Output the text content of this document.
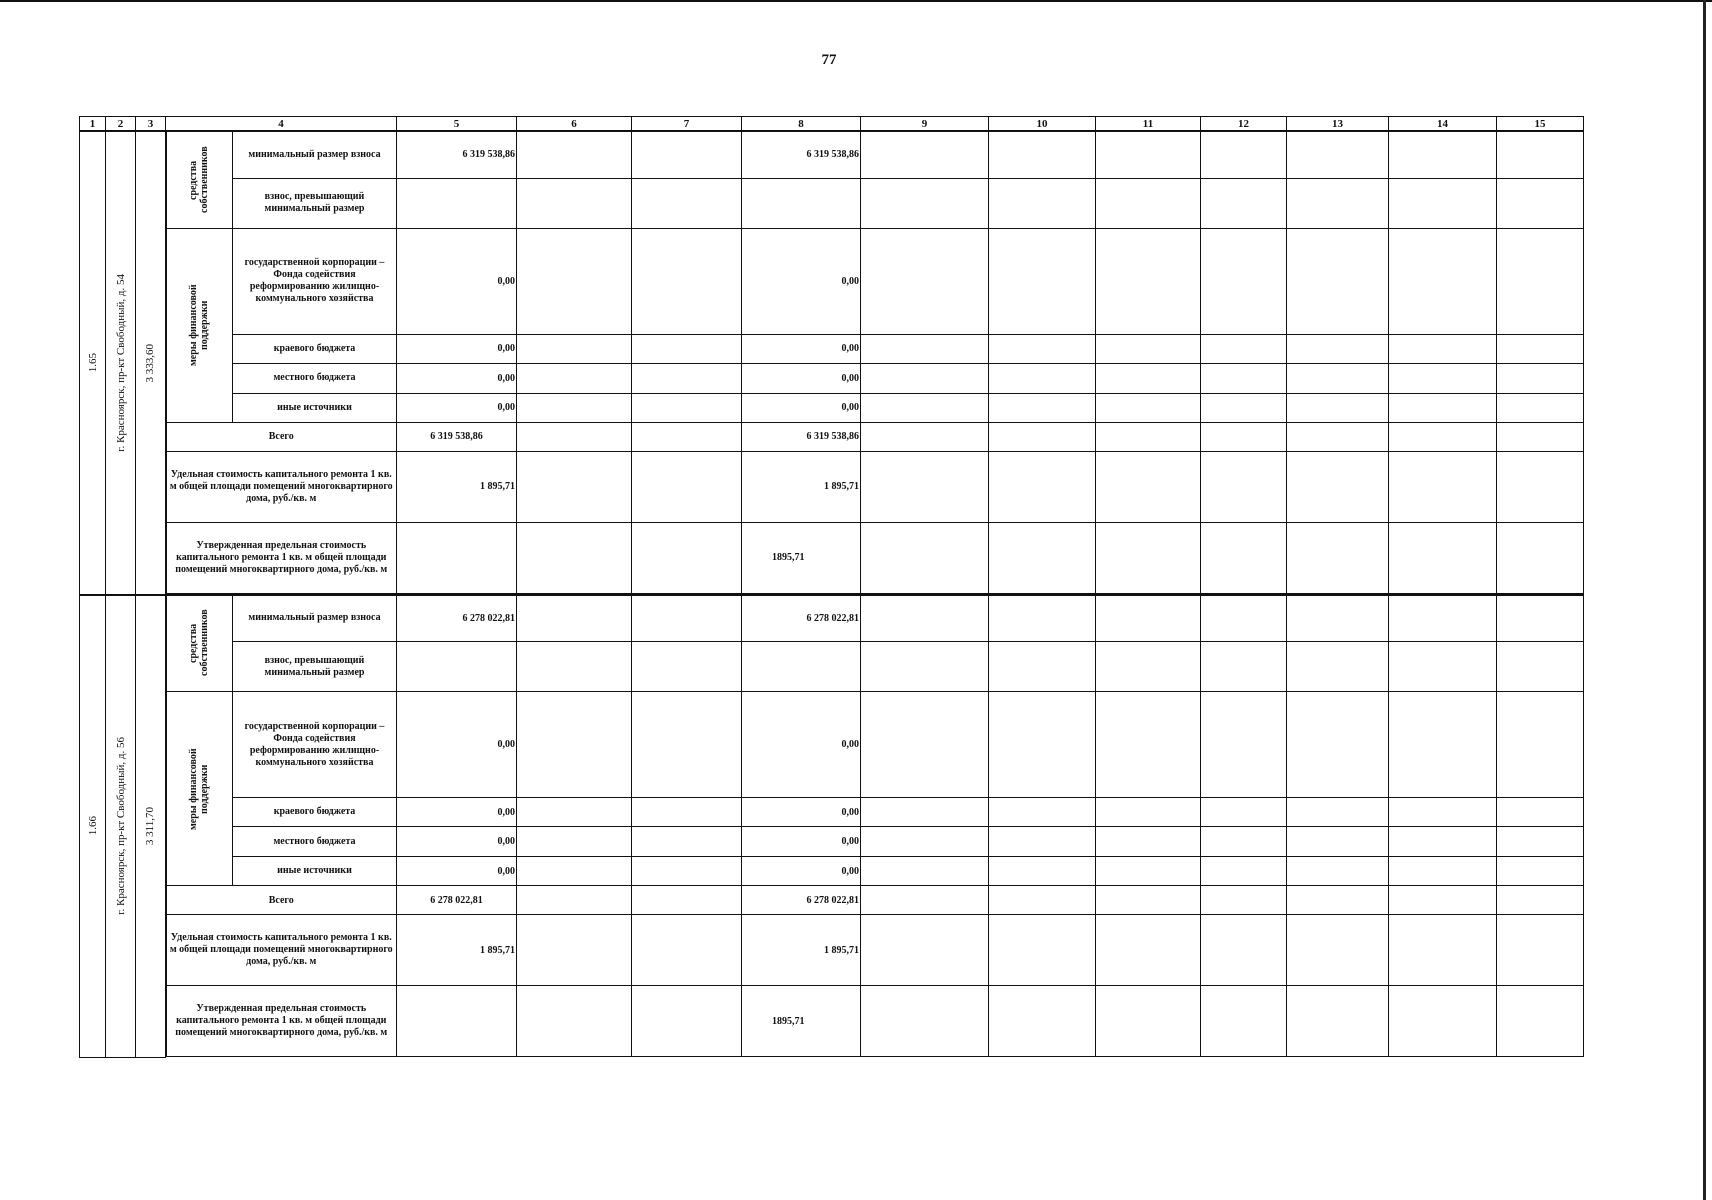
77
1	2	3	4		5	6	7	8	9	10	11	12	13	14	15

1.65	г. Красноярск, пр-кт Свободный, д. 54	3 333,60	средства собственников	минимальный размер взноса	6 319 538,86			6 319 538,86							
				взнос, превышающий минимальный размер											

			меры финансовой поддержки	государственной корпорации – Фонда содействия реформированию жилищно-коммунального хозяйства	0,00			0,00							
				краевого бюджета	0,00			0,00							
				местного бюджета	0,00			0,00							
				иные источники	0,00			0,00							
			Всего		6 319 538,86			6 319 538,86							
			Удельная стоимость капитального ремонта 1 кв. м общей площади помещений многоквартирного дома, руб./кв. м		1 895,71			1 895,71							
			Утвержденная предельная стоимость капитального ремонта 1 кв. м общей площади помещений многоквартирного дома, руб./кв. м					1895,71							

1.66	г. Красноярск, пр-кт Свободный, д. 56	3 311,70	средства собственников	минимальный размер взноса	6 278 022,81			6 278 022,81							
				взнос, превышающий минимальный размер											

			меры финансовой поддержки	государственной корпорации – Фонда содействия реформированию жилищно-коммунального хозяйства	0,00			0,00							
				краевого бюджета	0,00			0,00							
				местного бюджета	0,00			0,00							
				иные источники	0,00			0,00							
			Всего		6 278 022,81			6 278 022,81							
			Удельная стоимость капитального ремонта 1 кв. м общей площади помещений многоквартирного дома, руб./кв. м		1 895,71			1 895,71							
			Утвержденная предельная стоимость капитального ремонта 1 кв. м общей площади помещений многоквартирного дома, руб./кв. м					1895,71							
